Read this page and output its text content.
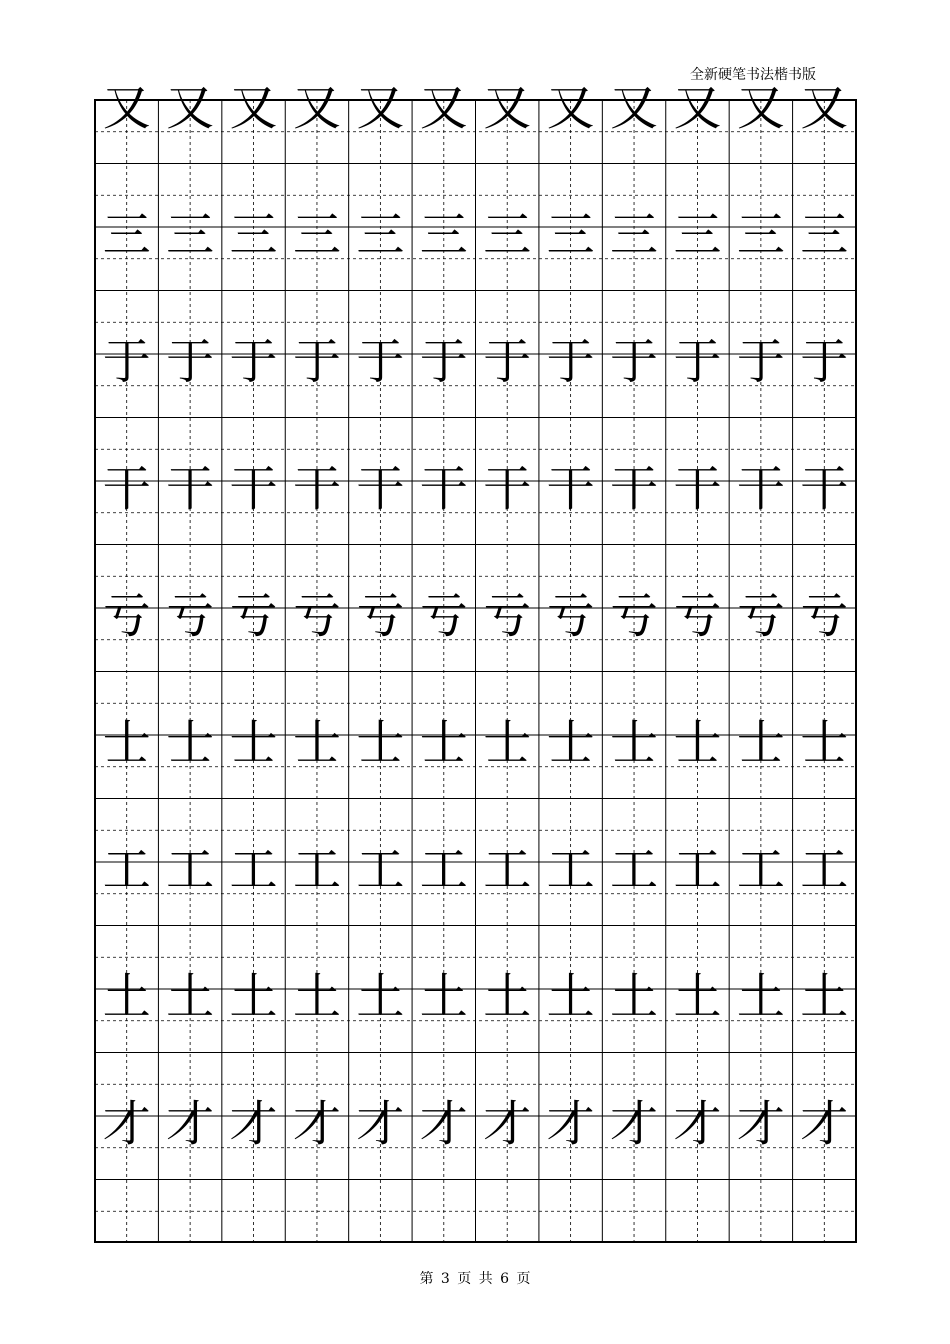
全新硬笔书法楷书版
又 又 又 又 又 又 又 又 又 又 又 又
三 三 三 三 三 三 三 三 三 三 三 三
于 于 于 于 于 于 于 于 于 于 于 于
干 干 干 干 干 干 干 干 干 干 干 干
亏 亏 亏 亏 亏 亏 亏 亏 亏 亏 亏 亏
士 士 士 士 士 士 士 士 士 士 士 士
工 工 工 工 工 工 工 工 工 工 工 工
土 土 土 土 土 土 土 土 土 土 土 土
才 才 才 才 才 才 才 才 才 才 才 才
第 3 页 共 6 页
